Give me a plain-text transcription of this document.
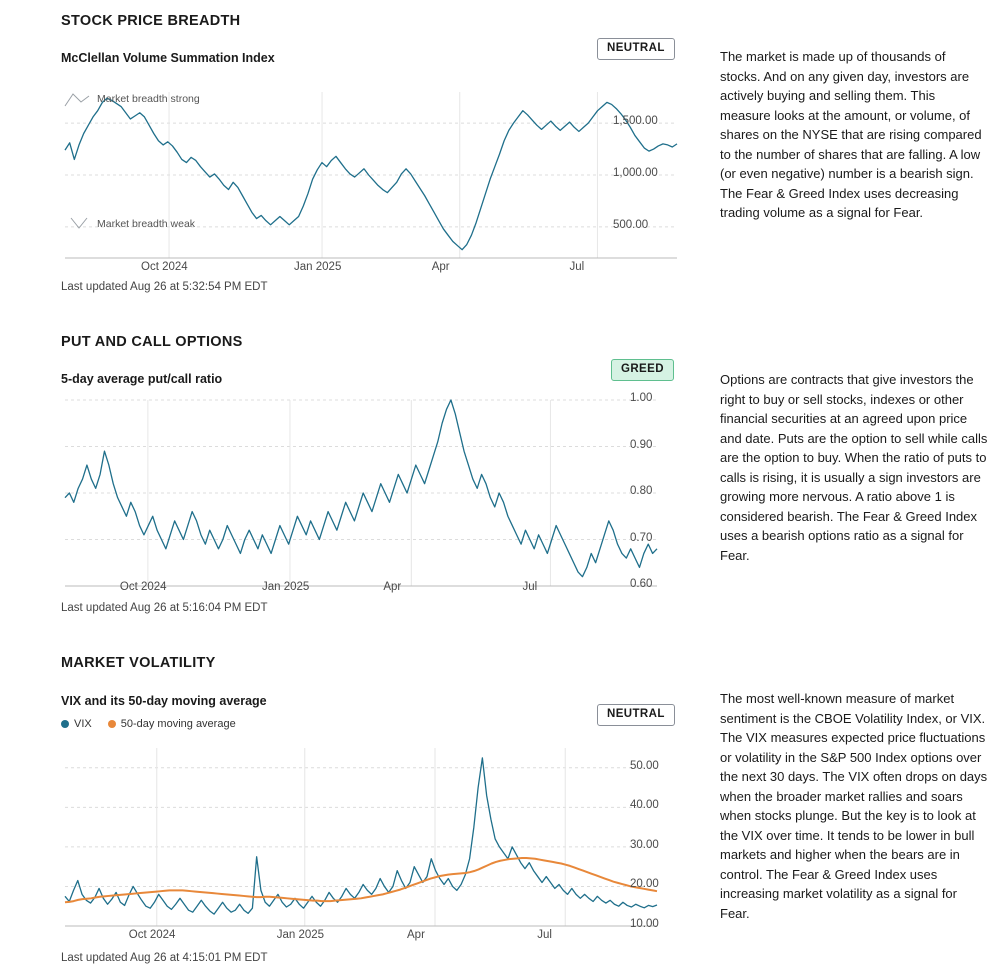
STOCK PRICE BREADTH
NEUTRAL
McClellan Volume Summation Index
Market breadth strong
Market breadth weak	500.00
1,000.00
1,500.00
Oct 2024	Jan 2025	Apr	Jul
Last updated Aug 26 at 5:32:54 PM EDT
The market is made up of thousands of stocks. And on any given day, investors are actively buying and selling them. This measure looks at the amount, or volume, of shares on the NYSE that are rising compared to the number of shares that are falling. A low (or even negative) number is a bearish sign. The Fear & Greed Index uses decreasing trading volume as a signal for Fear.
PUT AND CALL OPTIONS
GREED
5-day average put/call ratio
0.60
0.70
0.80
0.90
1.00
Oct 2024	Jan 2025	Apr	Jul
Last updated Aug 26 at 5:16:04 PM EDT
Options are contracts that give investors the right to buy or sell stocks, indexes or other financial securities at an agreed upon price and date. Puts are the option to sell while calls are the option to buy. When the ratio of puts to calls is rising, it is usually a sign investors are growing more nervous. A ratio above 1 is considered bearish. The Fear & Greed Index uses a bearish options ratio as a signal for Fear.
MARKET VOLATILITY
NEUTRAL
VIX and its 50-day moving average
VIX	50-day moving average
10.00
20.00
30.00
40.00
50.00
Oct 2024	Jan 2025	Apr	Jul
Last updated Aug 26 at 4:15:01 PM EDT
The most well-known measure of market sentiment is the CBOE Volatility Index, or VIX. The VIX measures expected price fluctuations or volatility in the S&P 500 Index options over the next 30 days. The VIX often drops on days when the broader market rallies and soars when stocks plunge. But the key is to look at the VIX over time. It tends to be lower in bull markets and higher when the bears are in control. The Fear & Greed Index uses increasing market volatility as a signal for Fear.
